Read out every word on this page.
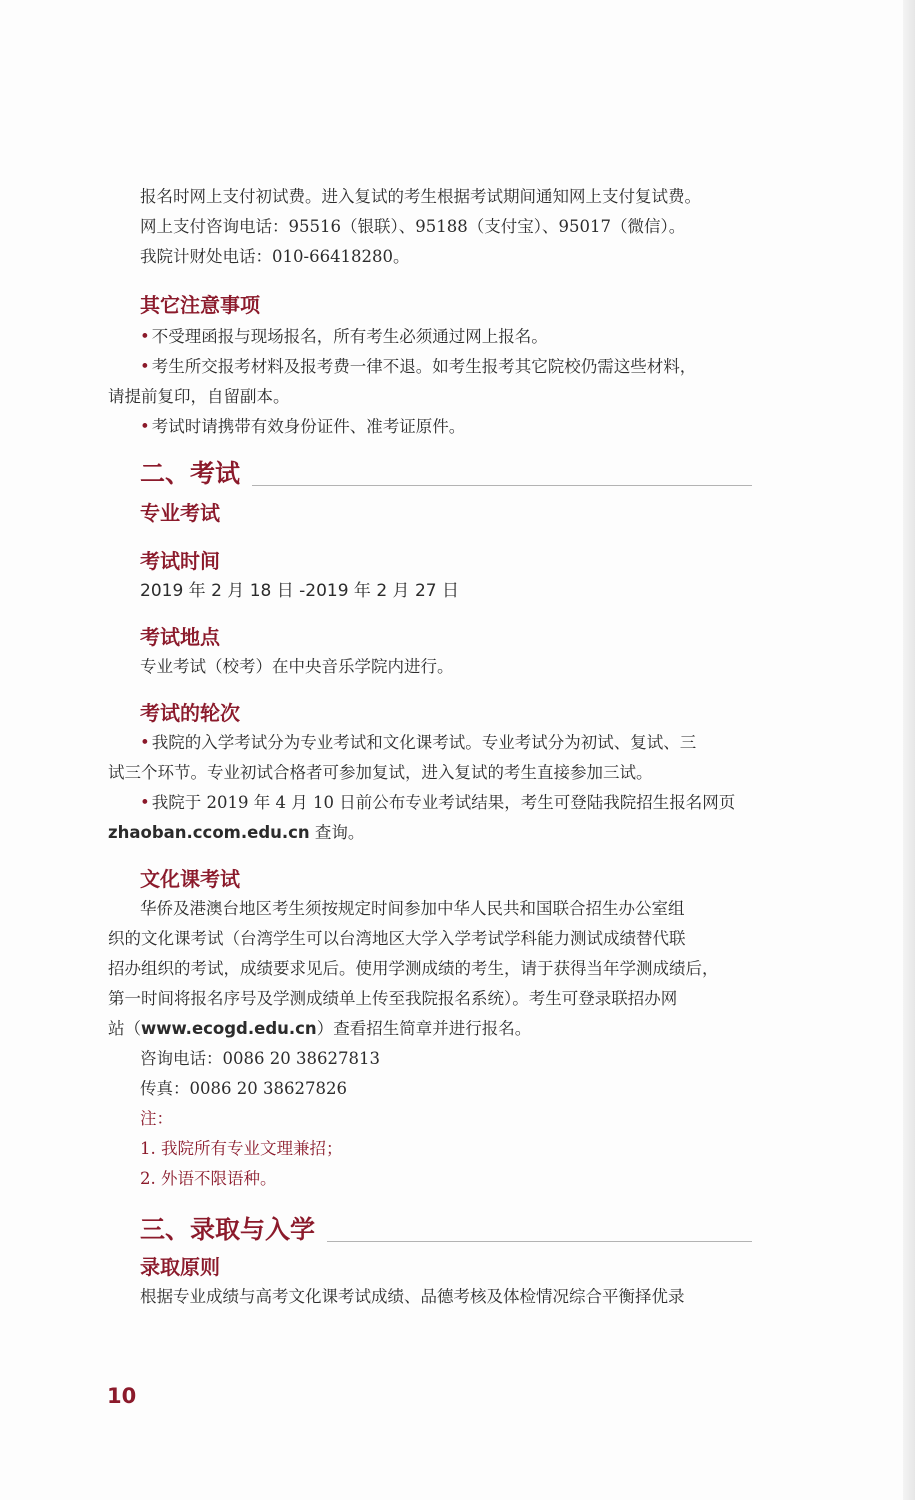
报名时网上支付初试费。进入复试的考生根据考试期间通知网上支付复试费。

网上支付咨询电话：95516（银联）、95188（支付宝）、95017（微信）。

我院计财处电话：010-66418280。

其它注意事项

• 不受理函报与现场报名，所有考生必须通过网上报名。

• 考生所交报考材料及报考费一律不退。如考生报考其它院校仍需这些材料，

请提前复印，自留副本。

• 考试时请携带有效身份证件、准考证原件。

二、考试

专业考试

考试时间

2019 年 2 月 18 日 -2019 年 2 月 27 日

考试地点

专业考试（校考）在中央音乐学院内进行。

考试的轮次

• 我院的入学考试分为专业考试和文化课考试。专业考试分为初试、复试、三

试三个环节。专业初试合格者可参加复试，进入复试的考生直接参加三试。

• 我院于 2019 年 4 月 10 日前公布专业考试结果，考生可登陆我院招生报名网页

zhaoban.ccom.edu.cn 查询。

文化课考试

华侨及港澳台地区考生须按规定时间参加中华人民共和国联合招生办公室组

织的文化课考试（台湾学生可以台湾地区大学入学考试学科能力测试成绩替代联

招办组织的考试，成绩要求见后。使用学测成绩的考生，请于获得当年学测成绩后，

第一时间将报名序号及学测成绩单上传至我院报名系统）。考生可登录联招办网

站（www.ecogd.edu.cn）查看招生简章并进行报名。

咨询电话：0086 20 38627813

传真：0086 20 38627826

注：

1. 我院所有专业文理兼招；

2. 外语不限语种。

三、录取与入学

录取原则

根据专业成绩与高考文化课考试成绩、品德考核及体检情况综合平衡择优录

10
